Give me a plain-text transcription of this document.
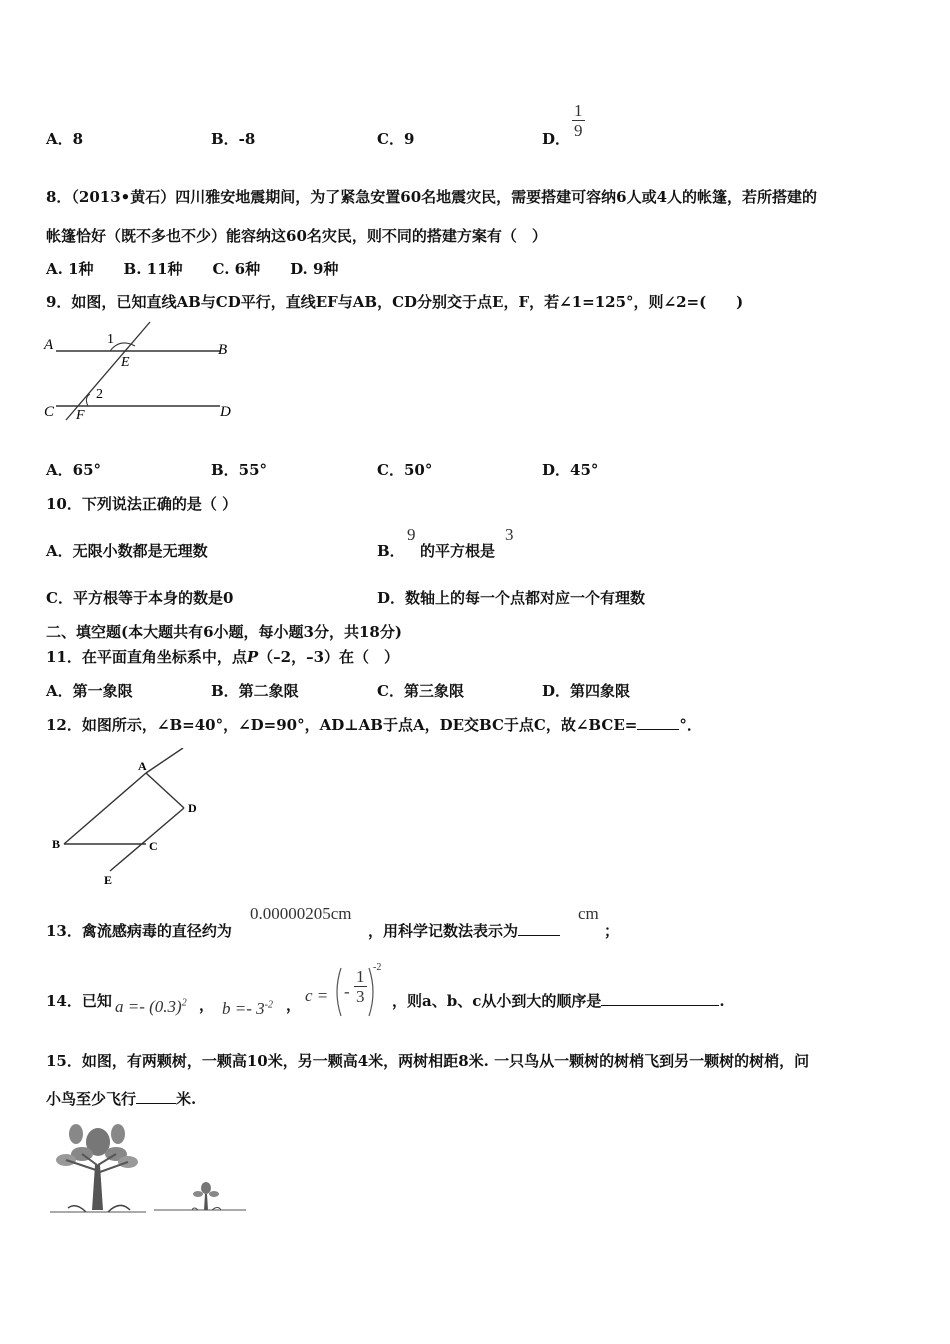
A．8	B．-8	C．9	D． $\frac{1}{9}$
8．（2013•黄石）四川雅安地震期间，为了紧急安置60名地震灾民，需要搭建可容纳6人或4人的帐篷，若所搭建的
帐篷恰好（既不多也不少）能容纳这60名灾民，则不同的搭建方案有（　）
A. 1种　　B. 11种　　C. 6种　　D. 9种
9．如图，已知直线AB与CD平行，直线EF与AB，CD分别交于点E，F，若∠1=125°，则∠2=(　　)
A	B
C	D
E
F
1
2
A．65°	B．55°	C．50°	D．45°
10．下列说法正确的是（ ）
A．无限小数都是无理数	B．
9
的平方根是
3
C．平方根等于本身的数是0	D．数轴上的每一个点都对应一个有理数
二、填空题(本大题共有6小题，每小题3分，共18分)
11．在平面直角坐标系中，点P（–2，–3）在（　）
A．第一象限	B．第二象限	C．第三象限	D．第四象限
12．如图所示，∠B=40°，∠D=90°，AD⊥AB于点A，DE交BC于点C，故∠BCE=	°．
A
B	C
D
E
13．禽流感病毒的直径约为
0.00000205cm
，用科学记数法表示为
cm
；
14．已知 $a =- (0.3)^2$ ， $b =- 3^{-2}$ ， c = - $\frac{1}{3}$
-2
，则a、b、c从小到大的顺序是	.
15．如图，有两颗树，一颗高10米，另一颗高4米，两树相距8米. 一只鸟从一颗树的树梢飞到另一颗树的树梢，问
小鸟至少飞行	米.
